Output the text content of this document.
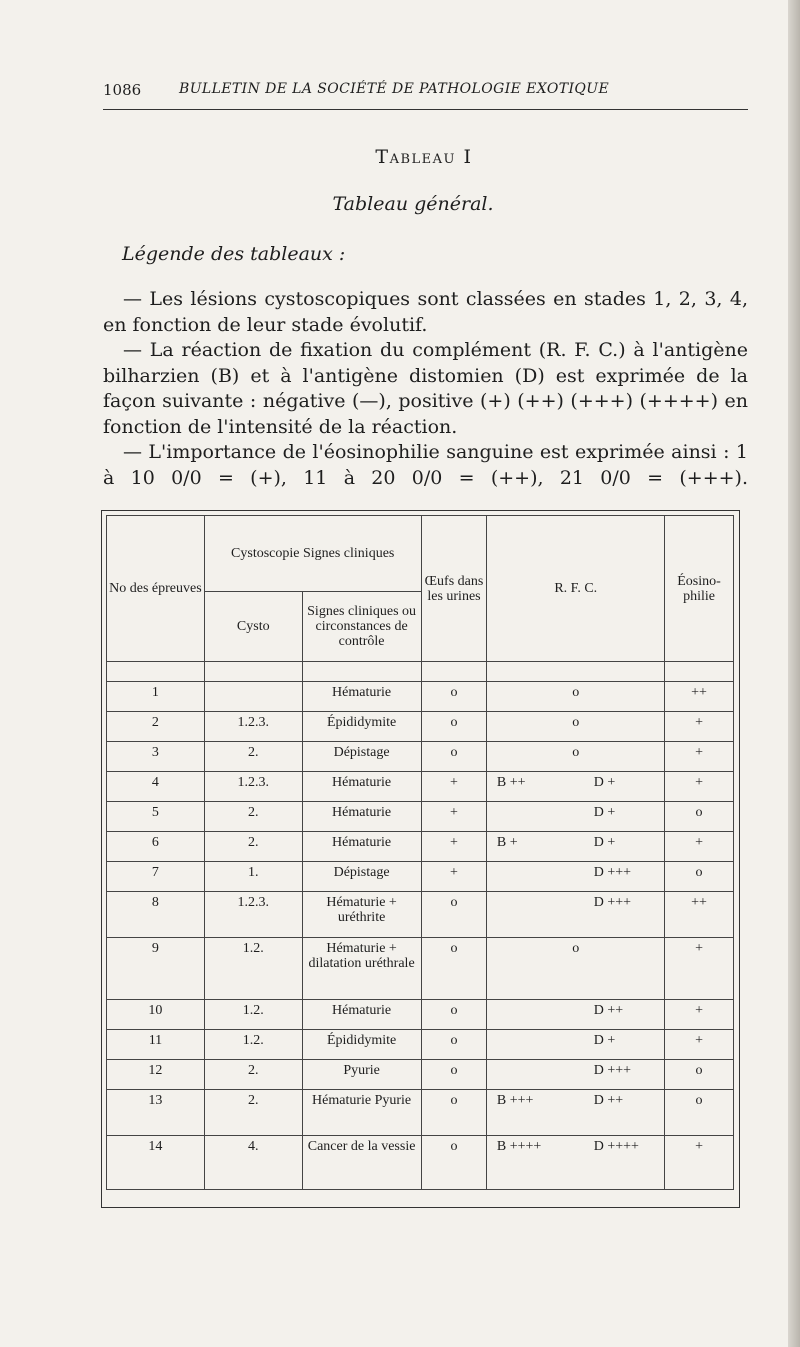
1086	BULLETIN DE LA SOCIÉTÉ DE PATHOLOGIE EXOTIQUE
Tableau I
Tableau général.
Légende des tableaux :

— Les lésions cystoscopiques sont classées en stades 1, 2, 3, 4, en fonction de leur stade évolutif.

— La réaction de fixation du complément (R. F. C.) à l'antigène bilharzien (B) et à l'antigène distomien (D) est exprimée de la façon suivante : négative (—), positive (+) (++) (+++) (++++) en fonction de l'intensité de la réaction.

— L'importance de l'éosinophilie sanguine est exprimée ainsi : 1 à 10 0/0 = (+), 11 à 20 0/0 = (++), 21 0/0 = (+++).

No des épreuves	Cystoscopie Signes cliniques		Œufs dans les urines	R. F. C.	Éosino-philie
	Cysto	Signes cliniques ou circonstances de contrôle			

1		Hématurie	o	o	++
2	1.2.3.	Épididymite	o	o	+
3	2.	Dépistage	o	o	+
4	1.2.3.	Hématurie	+	B ++ D +	+
5	2.	Hématurie	+	D +	o
6	2.	Hématurie	+	B + D +	+
7	1.	Dépistage	+	D +++	o
8	1.2.3.	Hématurie + uréthrite	o	D +++	++
9	1.2.	Hématurie + dilatation uréthrale	o	o	+
10	1.2.	Hématurie	o	D ++	+
11	1.2.	Épididymite	o	D +	+
12	2.	Pyurie	o	D +++	o
13	2.	Hématurie Pyurie	o	B +++ D ++	o
14	4.	Cancer de la vessie	o	B ++++ D ++++	+
